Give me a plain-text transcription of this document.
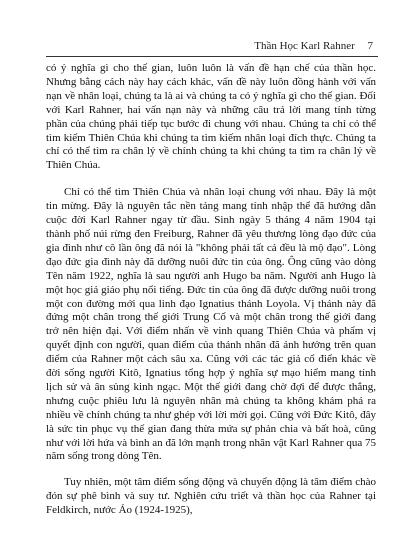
Thần Học Karl Rahner 7

có ý nghĩa gì cho thế gian, luôn luôn là vấn đề hạn chế của thần học. Nhưng bằng cách này hay cách khác, vấn đề này luôn đồng hành với vấn nạn về nhân loại, chúng ta là ai và chúng ta có ý nghĩa gì cho thế gian. Đối với Karl Rahner, hai vấn nạn này và những câu trả lời mang tính từng phần của chúng phải tiếp tục bước đi chung với nhau. Chúng ta chỉ có thể tìm kiếm Thiên Chúa khi chúng ta tìm kiếm nhân loại đích thực. Chúng ta chỉ có thể tìm ra chân lý về chính chúng ta khi chúng ta tìm ra chân lý về Thiên Chúa.

Chỉ có thể tìm Thiên Chúa và nhân loại chung với nhau. Đây là một tin mừng. Đây là nguyên tắc nền tảng mang tính nhập thể đã hướng dẫn cuộc đời Karl Rahner ngay từ đầu. Sinh ngày 5 tháng 4 năm 1904 tại thành phố núi rừng đen Freiburg, Rahner đã yêu thương lòng đạo đức của gia đình như cô lần ông đã nói là "không phải tất cả đều là mộ đạo". Lòng đạo đức gia đình này đã dưỡng nuôi đức tin của ông. Ông cũng vào dòng Tên năm 1922, nghĩa là sau người anh Hugo ba năm. Người anh Hugo là một học giả giáo phụ nổi tiếng. Đức tin của ông đã được dưỡng nuôi trong một con đường mới qua linh đạo Ignatius thánh Loyola. Vị thánh này đã đứng một chân trong thế giới Trung Cổ và một chân trong thế giới đang trở nên hiện đại. Với điểm nhấn về vinh quang Thiên Chúa và phẩm vị quyết định con người, quan điểm của thánh nhân đã ảnh hưởng trên quan điểm của Rahner một cách sâu xa. Cũng với các tác giả cổ điển khác về đời sống người Kitô, Ignatius tổng hợp ý nghĩa sự mạo hiểm mang tính lịch sử và ân sủng kinh ngạc. Một thế giới đang chờ đợi để được thắng, nhưng cuộc phiêu lưu là nguyên nhân mà chúng ta không khám phá ra nhiều về chính chúng ta như ghép với lời mời gọi. Cũng với Đức Kitô, đây là sức tin phục vụ thế gian đang thừa mứa sự phản chia và bất hoà, cũng như với lời hứa và bình an đã lớn mạnh trong nhân vật Karl Rahner qua 75 năm sống trong dòng Tên.

Tuy nhiên, một tâm điểm sống động và chuyển động là tâm điểm chào đón sự phê bình và suy tư. Nghiên cứu triết và thần học của Rahner tại Feldkirch, nước Áo (1924-1925),
